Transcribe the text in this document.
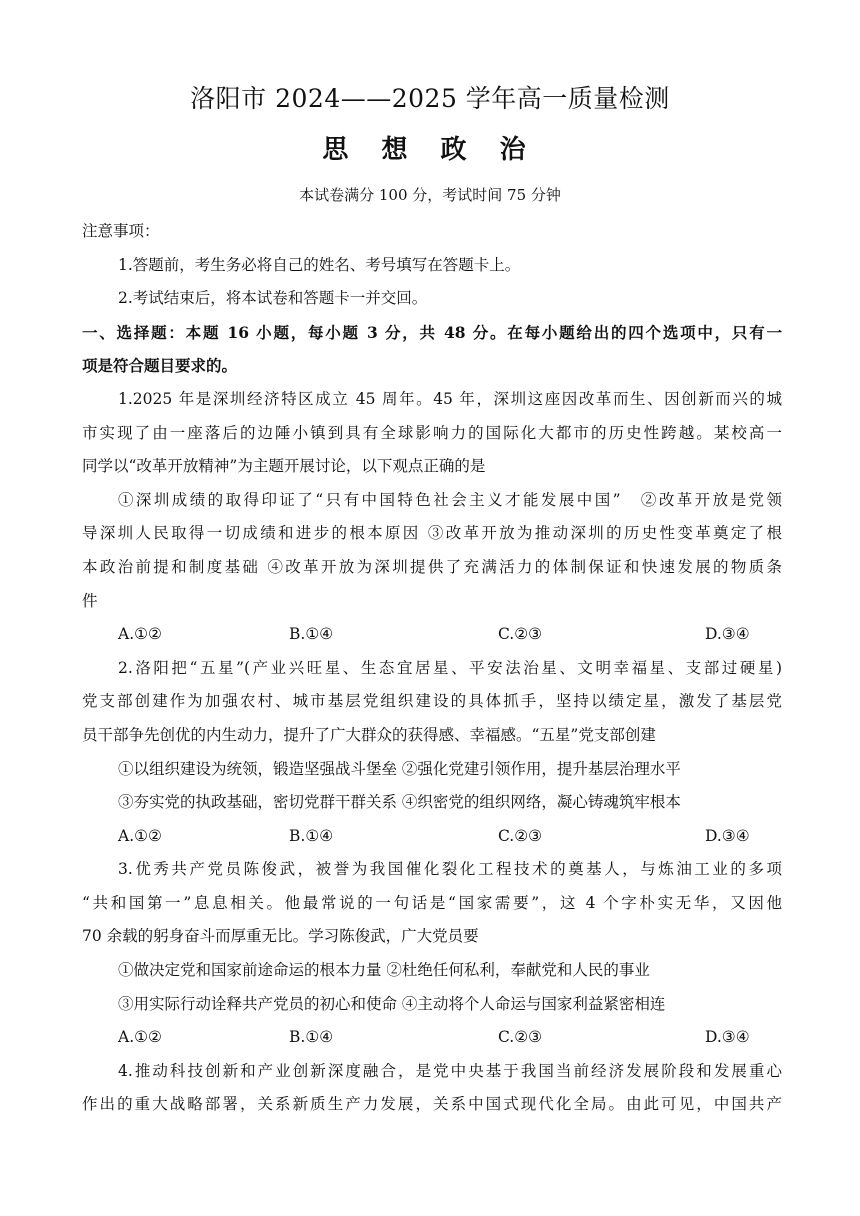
洛阳市 2024——2025 学年高一质量检测
思 想 政 治
本试卷满分 100 分，考试时间 75 分钟
注意事项：
1.答题前，考生务必将自己的姓名、考号填写在答题卡上。
2.考试结束后，将本试卷和答题卡一并交回。
一、选择题：本题 16 小题，每小题 3 分，共 48 分。在每小题给出的四个选项中，只有一
项是符合题目要求的。
1.2025 年是深圳经济特区成立 45 周年。45 年，深圳这座因改革而生、因创新而兴的城
市实现了由一座落后的边陲小镇到具有全球影响力的国际化大都市的历史性跨越。某校高一
同学以“改革开放精神”为主题开展讨论，以下观点正确的是
①深圳成绩的取得印证了“只有中国特色社会主义才能发展中国”　②改革开放是党领
导深圳人民取得一切成绩和进步的根本原因 ③改革开放为推动深圳的历史性变革奠定了根
本政治前提和制度基础 ④改革开放为深圳提供了充满活力的体制保证和快速发展的物质条
件
A.①②	B.①④	C.②③	D.③④
2.洛阳把“五星”(产业兴旺星、生态宜居星、平安法治星、文明幸福星、支部过硬星)
党支部创建作为加强农村、城市基层党组织建设的具体抓手，坚持以绩定星，激发了基层党
员干部争先创优的内生动力，提升了广大群众的获得感、幸福感。“五星”党支部创建
①以组织建设为统领，锻造坚强战斗堡垒 ②强化党建引领作用，提升基层治理水平
③夯实党的执政基础，密切党群干群关系 ④织密党的组织网络，凝心铸魂筑牢根本
A.①②	B.①④	C.②③	D.③④
3.优秀共产党员陈俊武，被誉为我国催化裂化工程技术的奠基人，与炼油工业的多项
“共和国第一”息息相关。他最常说的一句话是“国家需要”，这 4 个字朴实无华，又因他
70 余载的躬身奋斗而厚重无比。学习陈俊武，广大党员要
①做决定党和国家前途命运的根本力量 ②杜绝任何私利，奉献党和人民的事业
③用实际行动诠释共产党员的初心和使命 ④主动将个人命运与国家利益紧密相连
A.①②	B.①④	C.②③	D.③④
4.推动科技创新和产业创新深度融合，是党中央基于我国当前经济发展阶段和发展重心
作出的重大战略部署，关系新质生产力发展，关系中国式现代化全局。由此可见，中国共产
